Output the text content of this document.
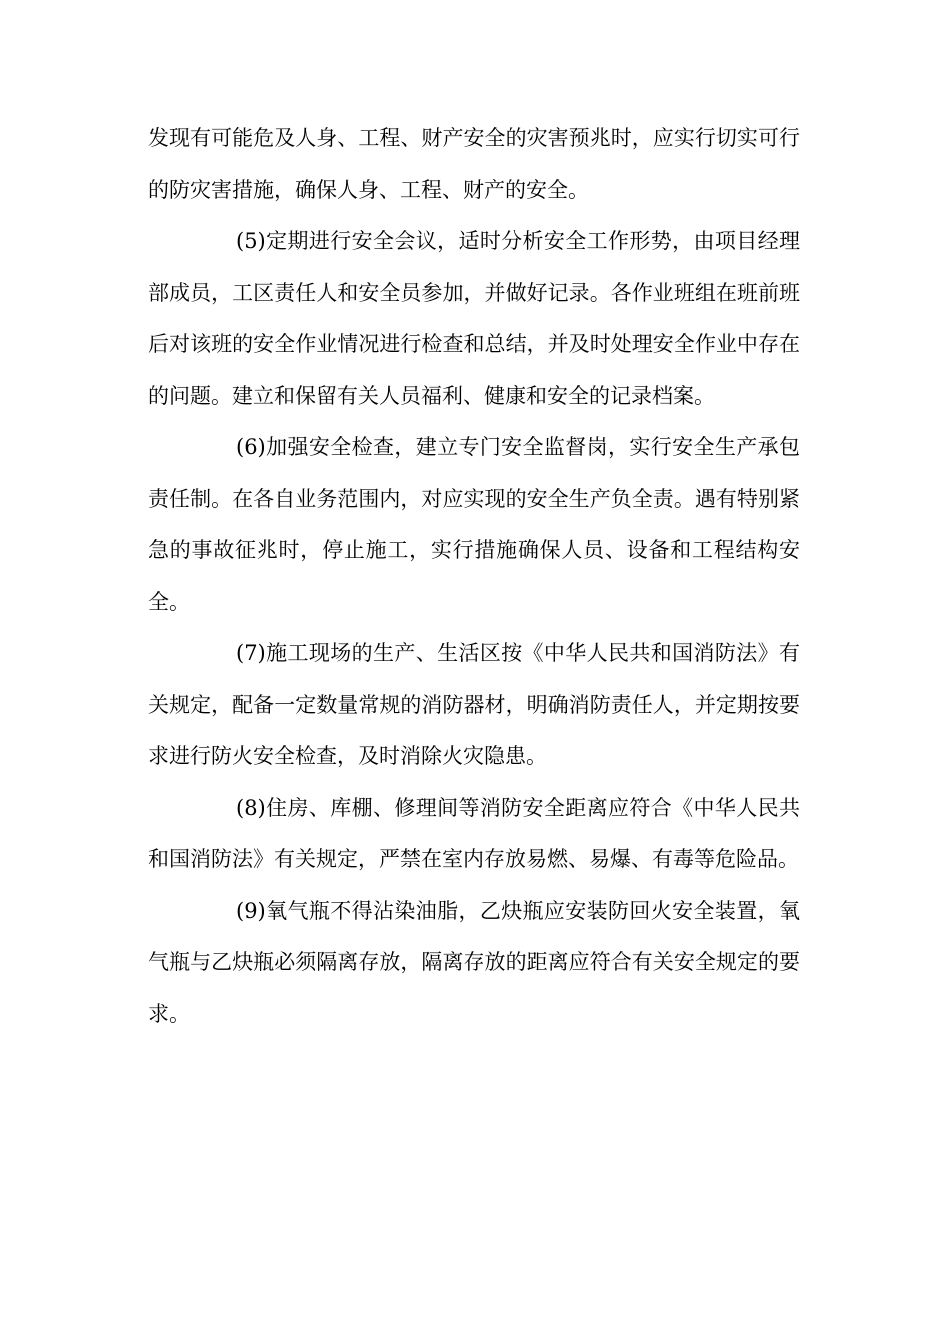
发现有可能危及人身、工程、财产安全的灾害预兆时，应实行切实可行的防灾害措施，确保人身、工程、财产的安全。

(5)定期进行安全会议，适时分析安全工作形势，由项目经理部成员，工区责任人和安全员参加，并做好记录。各作业班组在班前班后对该班的安全作业情况进行检查和总结，并及时处理安全作业中存在的问题。建立和保留有关人员福利、健康和安全的记录档案。

(6)加强安全检查，建立专门安全监督岗，实行安全生产承包责任制。在各自业务范围内，对应实现的安全生产负全责。遇有特别紧急的事故征兆时，停止施工，实行措施确保人员、设备和工程结构安全。

(7)施工现场的生产、生活区按《中华人民共和国消防法》有关规定，配备一定数量常规的消防器材，明确消防责任人，并定期按要求进行防火安全检查，及时消除火灾隐患。

(8)住房、库棚、修理间等消防安全距离应符合《中华人民共和国消防法》有关规定，严禁在室内存放易燃、易爆、有毒等危险品。

(9)氧气瓶不得沾染油脂，乙炔瓶应安装防回火安全装置，氧气瓶与乙炔瓶必须隔离存放，隔离存放的距离应符合有关安全规定的要求。
